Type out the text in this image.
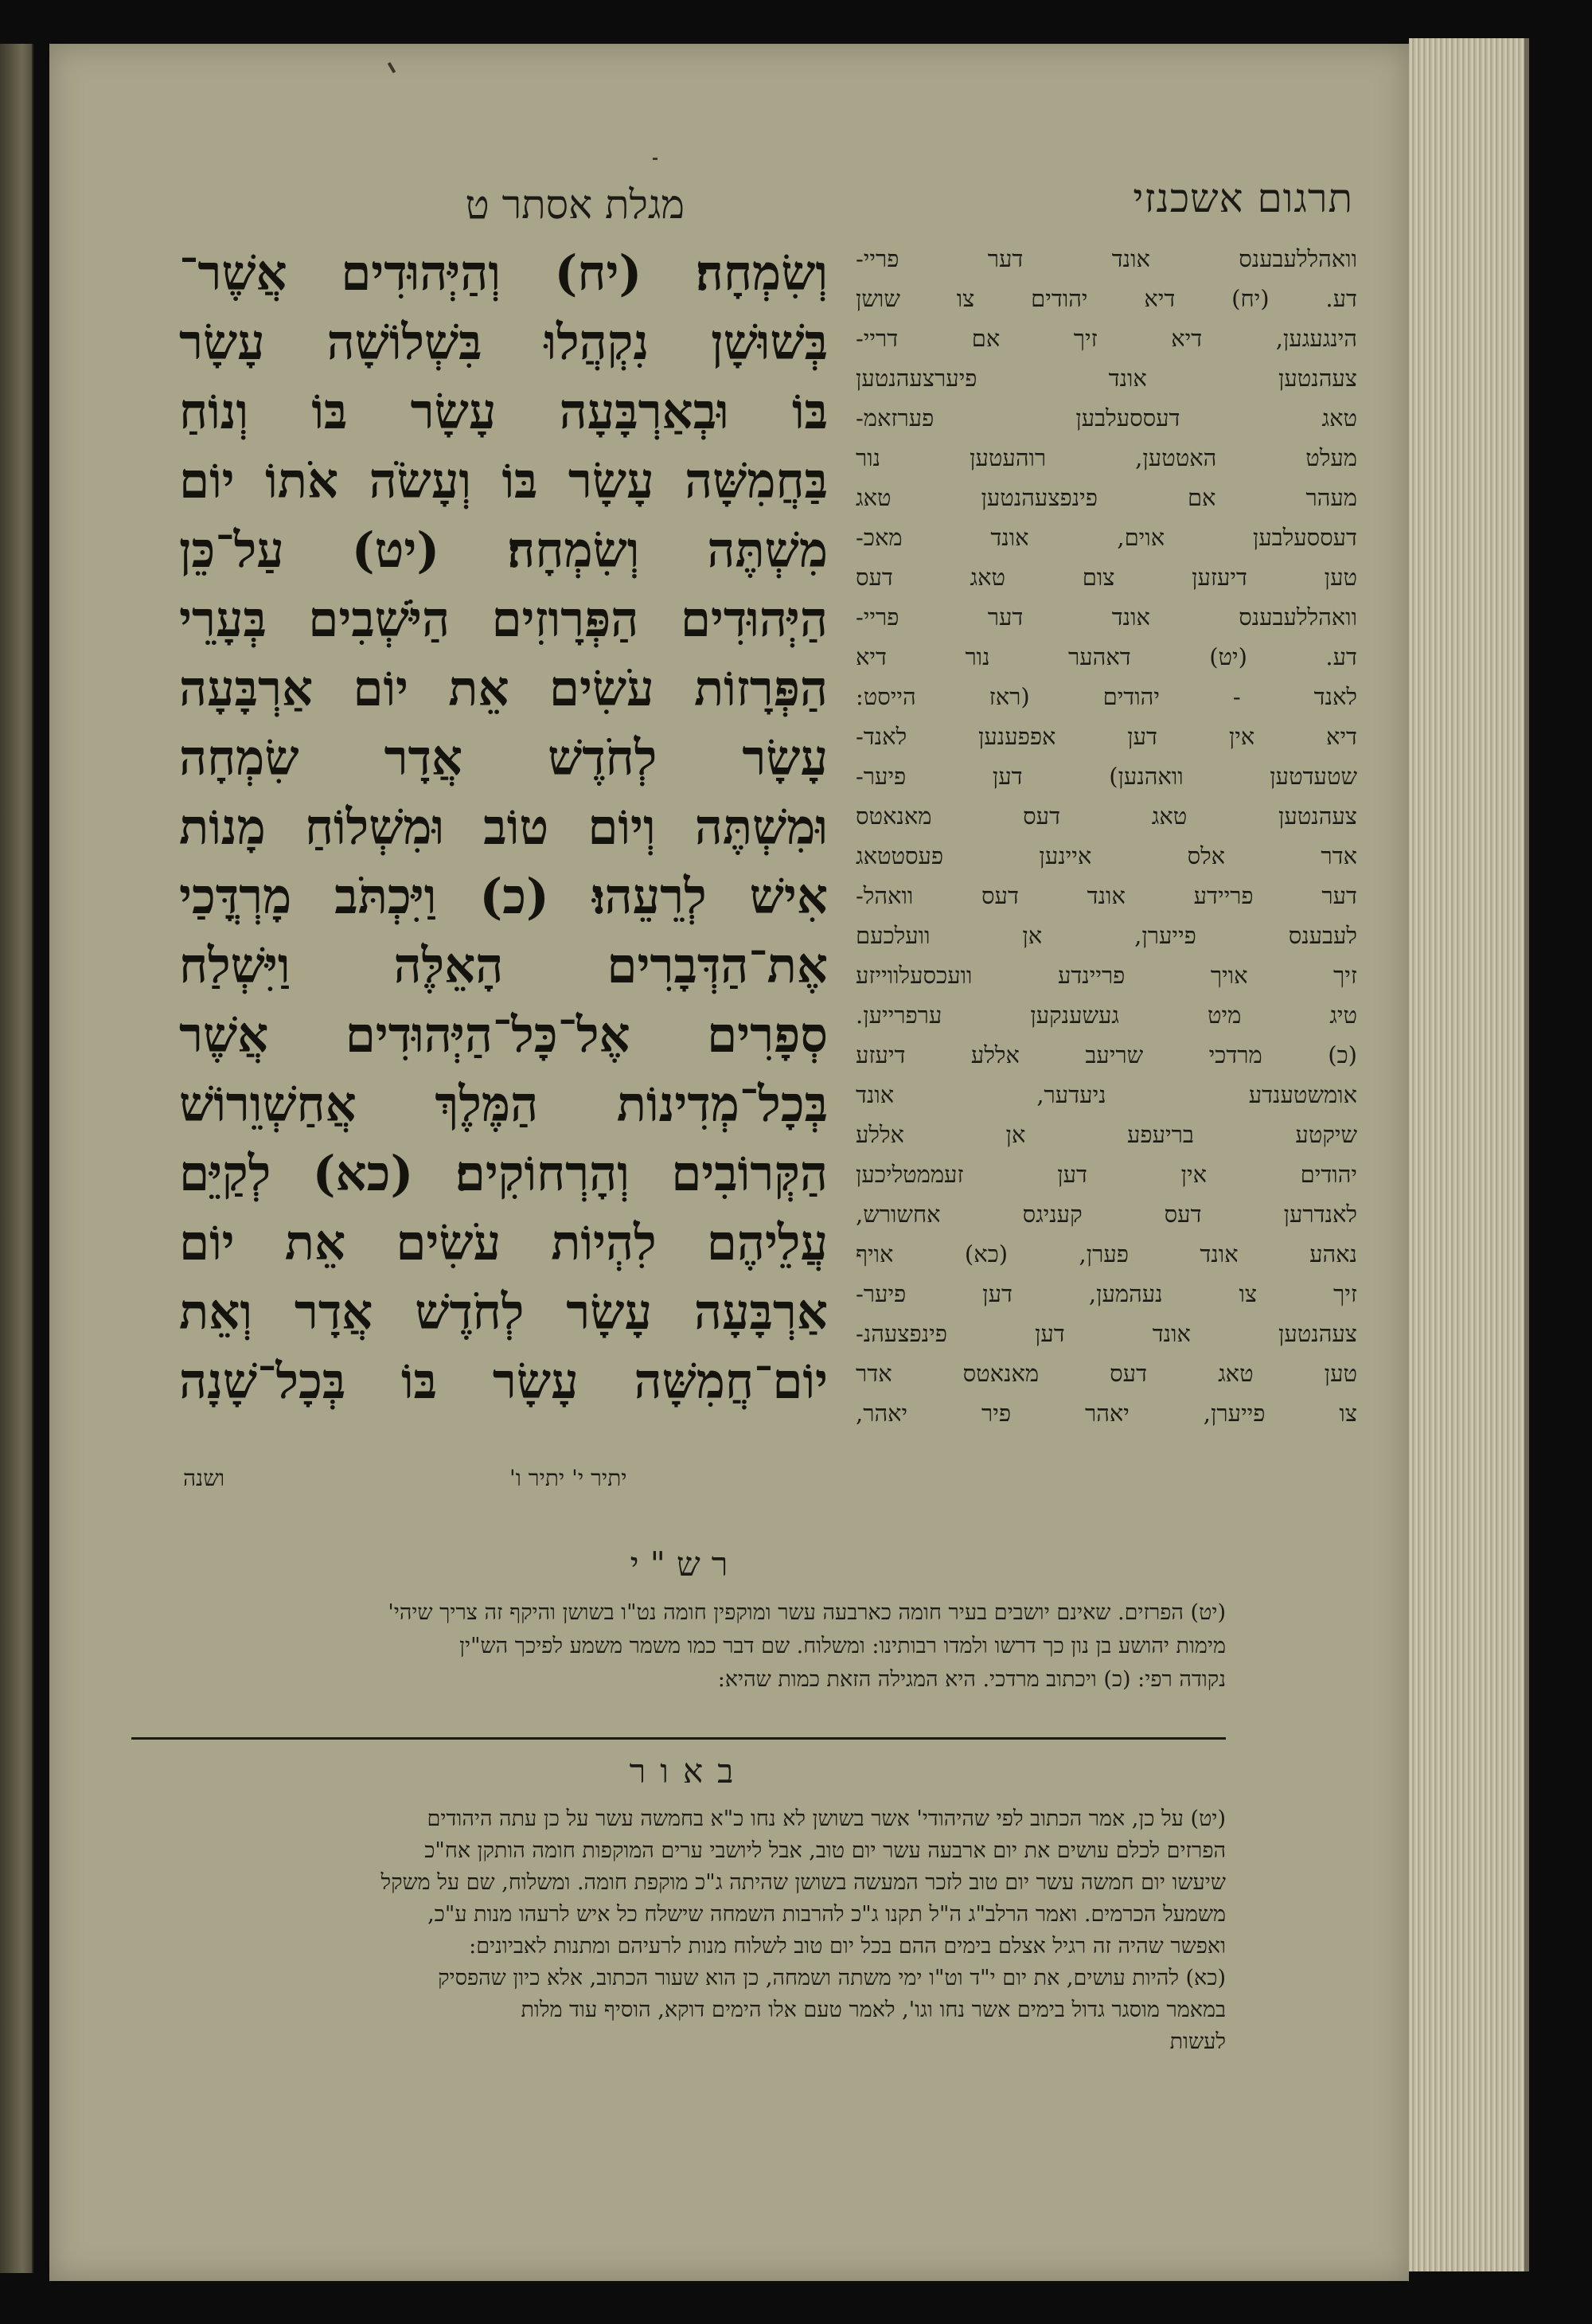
תרגום אשכנזי
מגלת אסתר ט
וְשִׂמְחָה׃ (יח) וְהַיְּהוּדִים אֲשֶׁר־
בְּשׁוּשָׁן נִקְהֲלוּ בִּשְׁלוֹשָׁה עָשָׂר
בּוֹ וּבְאַרְבָּעָה עָשָׂר בּוֹ וְנוֹחַ
בַּחֲמִשָּׁה עָשָׂר בּוֹ וְעָשֹׂה אֹתוֹ יוֹם
מִשְׁתֶּה וְשִׂמְחָה׃ (יט) עַל־כֵּן
הַיְּהוּדִים הַפְּרָוזִים הַיֹּשְׁבִים בְּעָרֵי
הַפְּרָזוֹת עֹשִׂים אֵת יוֹם אַרְבָּעָה
עָשָׂר לְחֹדֶשׁ אֲדָר שִׂמְחָה
וּמִשְׁתֶּה וְיוֹם טוֹב וּמִשְׁלוֹחַ מָנוֹת
אִישׁ לְרֵעֵהוּ׃ (כ) וַיִּכְתֹּב מָרְדֳּכַי
אֶת־הַדְּבָרִים הָאֵלֶּה וַיִּשְׁלַח
סְפָרִים אֶל־כָּל־הַיְּהוּדִים אֲשֶׁר
בְּכָל־מְדִינוֹת הַמֶּלֶךְ אֲחַשְׁוֵרוֹשׁ
הַקְּרוֹבִים וְהָרְחוֹקִים׃ (כא) לְקַיֵּם
עֲלֵיהֶם לִהְיוֹת עֹשִׂים אֵת יוֹם
אַרְבָּעָה עָשָׂר לְחֹדֶשׁ אֲדָר וְאֵת
יוֹם־חֲמִשָּׁה עָשָׂר בּוֹ בְּכָל־שָׁנָה
וואהללעבענס אונד דער פריי-
דע. (יח) דיא יהודים צו שושן
הינגעגען, דיא זיך אם דריי-
צעהנטען אונד פיערצעהנטען
טאג דעססעלבען פערזאמ-
מעלט האטטען, רוהעטען נור
מעהר אם פינפצעהנטען טאג
דעססעלבען אוים, אונד מאכ-
טען דיעזען צום טאג דעס
וואהללעבענס אונד דער פריי-
דע. (יט) דאהער נור דיא
לאנד - יהודים (ראז הייסט:
דיא אין דען אפפענען לאנד-
שטעדטען וואהנען) דען פיער-
צעהנטען טאג דעס מאנאטס
אדר אלס איינען פעסטטאג
דער פריידע אונד דעס וואהל-
לעבענס פייערן, אן וועלכעם
זיך אויך פריינדע וועכסעלווייזע
טיג מיט געשענקען ערפרייען.
(כ) מרדכי שריעב אללע דיעזע
אומשטענדע ניעדער, אונד
שיקטע בריעפע אן אללע
יהודים אין דען זעממטליכען
לאנדרען דעס קעניגס אחשורש,
נאהע אונד פערן, (כא) אויף
זיך צו נעהמען, דען פיער-
צעהנטען אונד דען פינפצעהנ-
טען טאג דעס מאנאטס אדר
צו פייערן, יאהר פיר יאהר,
ושנה	יתיר י' יתיר ו'
רש"י
(יט) הפרזים. שאינם יושבים בעיר חומה כארבעה עשר ומוקפין חומה נט"ו בשושן והיקף זה צריך שיהי'
מימות יהושע בן נון כך דרשו ולמדו רבותינו: ומשלוח. שם דבר כמו משמר משמע לפיכך הש"ין
נקודה רפי: (כ) ויכתוב מרדכי. היא המגילה הזאת כמות שהיא:
באור
(יט) על כן, אמר הכתוב לפי שהיהודי' אשר בשושן לא נחו כ"א בחמשה עשר על כן עתה היהודים
הפרזים לכלם עושים את יום ארבעה עשר יום טוב, אבל ליושבי ערים המוקפות חומה הותקן אח"כ
שיעשו יום חמשה עשר יום טוב לזכר המעשה בשושן שהיתה ג"כ מוקפת חומה. ומשלוח, שם על משקל
משמעל הכרמים. ואמר הרלב"ג ה"ל תקנו ג"כ להרבות השמחה שישלח כל איש לרעהו מנות ע"כ,
ואפשר שהיה זה רגיל אצלם בימים ההם בכל יום טוב לשלוח מנות לרעיהם ומתנות לאביונים:
(כא) להיות עושים, את יום י"ד וט"ו ימי משתה ושמחה, כן הוא שעור הכתוב, אלא כיון שהפסיק
במאמר מוסגר גדול בימים אשר נחו וגו', לאמר טעם אלו הימים דוקא, הוסיף עוד מלות
לעשות
